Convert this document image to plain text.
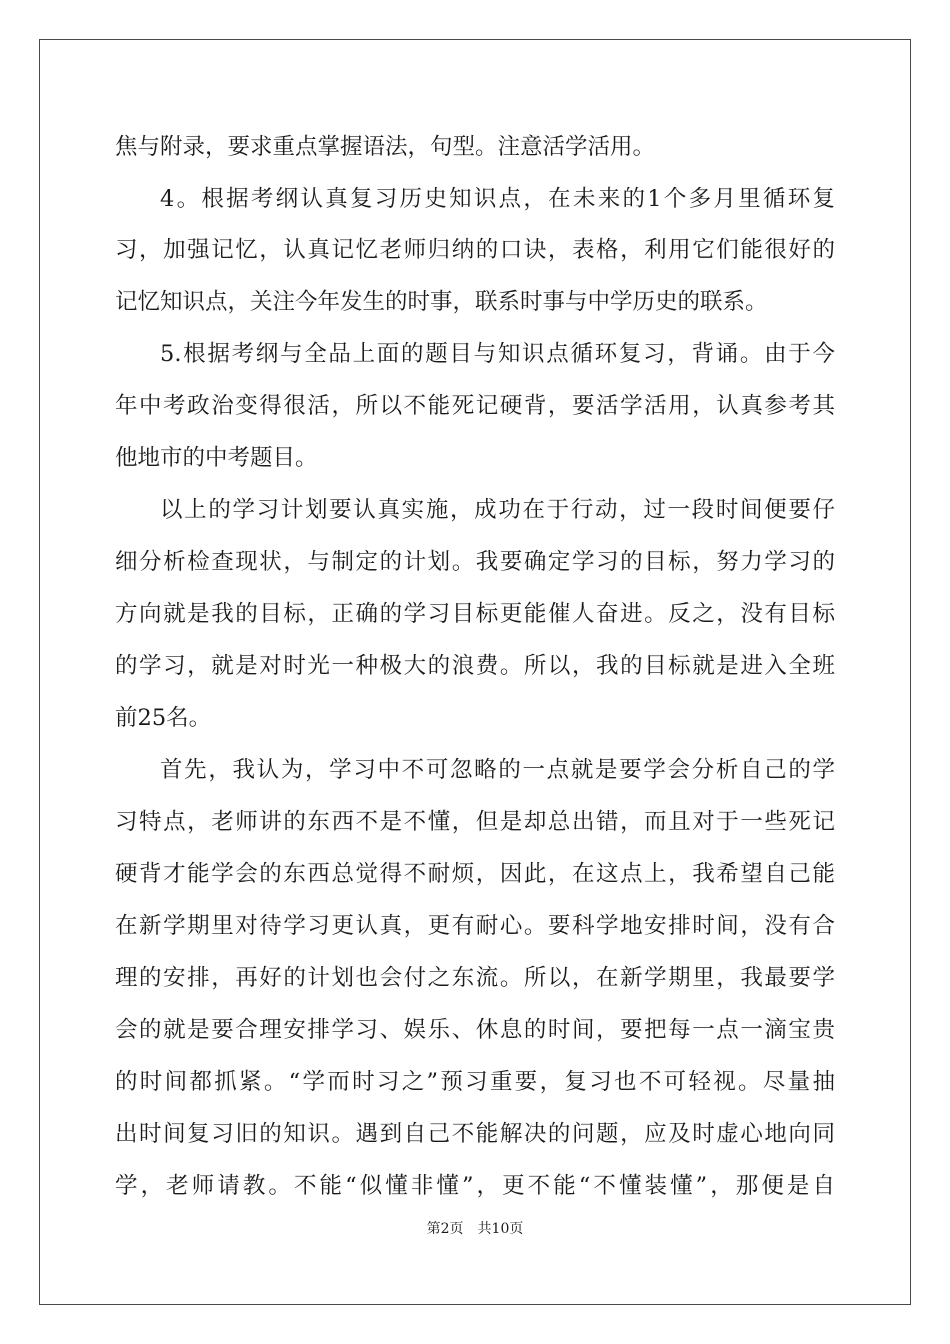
焦与附录，要求重点掌握语法，句型。注意活学活用。
4。根据考纲认真复习历史知识点，在未来的1个多月里循环复
习，加强记忆，认真记忆老师归纳的口诀，表格，利用它们能很好的
记忆知识点，关注今年发生的时事，联系时事与中学历史的联系。
5.根据考纲与全品上面的题目与知识点循环复习，背诵。由于今
年中考政治变得很活，所以不能死记硬背，要活学活用，认真参考其
他地市的中考题目。
以上的学习计划要认真实施，成功在于行动，过一段时间便要仔
细分析检查现状，与制定的计划。我要确定学习的目标，努力学习的
方向就是我的目标，正确的学习目标更能催人奋进。反之，没有目标
的学习，就是对时光一种极大的浪费。所以，我的目标就是进入全班
前25名。
首先，我认为，学习中不可忽略的一点就是要学会分析自己的学
习特点，老师讲的东西不是不懂，但是却总出错，而且对于一些死记
硬背才能学会的东西总觉得不耐烦，因此，在这点上，我希望自己能
在新学期里对待学习更认真，更有耐心。要科学地安排时间，没有合
理的安排，再好的计划也会付之东流。所以，在新学期里，我最要学
会的就是要合理安排学习、娱乐、休息的时间，要把每一点一滴宝贵
的时间都抓紧。“学而时习之”预习重要，复习也不可轻视。尽量抽
出时间复习旧的知识。遇到自己不能解决的问题，应及时虚心地向同
学，老师请教。不能“似懂非懂”，更不能“不懂装懂”，那便是自
第2页 共10页
